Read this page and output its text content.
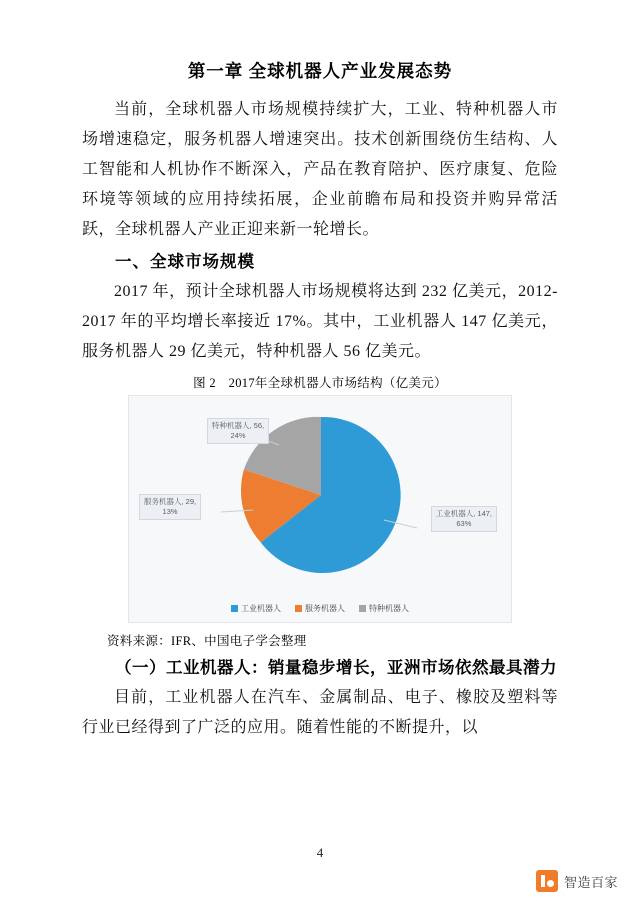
第一章 全球机器人产业发展态势

当前，全球机器人市场规模持续扩大，工业、特种机器人市场增速稳定，服务机器人增速突出。技术创新围绕仿生结构、人工智能和人机协作不断深入，产品在教育陪护、医疗康复、危险环境等领域的应用持续拓展，企业前瞻布局和投资并购异常活跃，全球机器人产业正迎来新一轮增长。

一、全球市场规模

2017 年，预计全球机器人市场规模将达到 232 亿美元，2012-2017 年的平均增长率接近 17%。其中，工业机器人 147 亿美元，服务机器人 29 亿美元，特种机器人 56 亿美元。

图 2　2017年全球机器人市场结构（亿美元）
工业机器人, 147,
63%
服务机器人, 29,
13%
特种机器人, 56,
24%
工业机器人	服务机器人	特种机器人
资料来源：IFR、中国电子学会整理
（一）工业机器人：销量稳步增长，亚洲市场依然最具潜力

目前，工业机器人在汽车、金属制品、电子、橡胶及塑料等行业已经得到了广泛的应用。随着性能的不断提升，以

4
智造百家
